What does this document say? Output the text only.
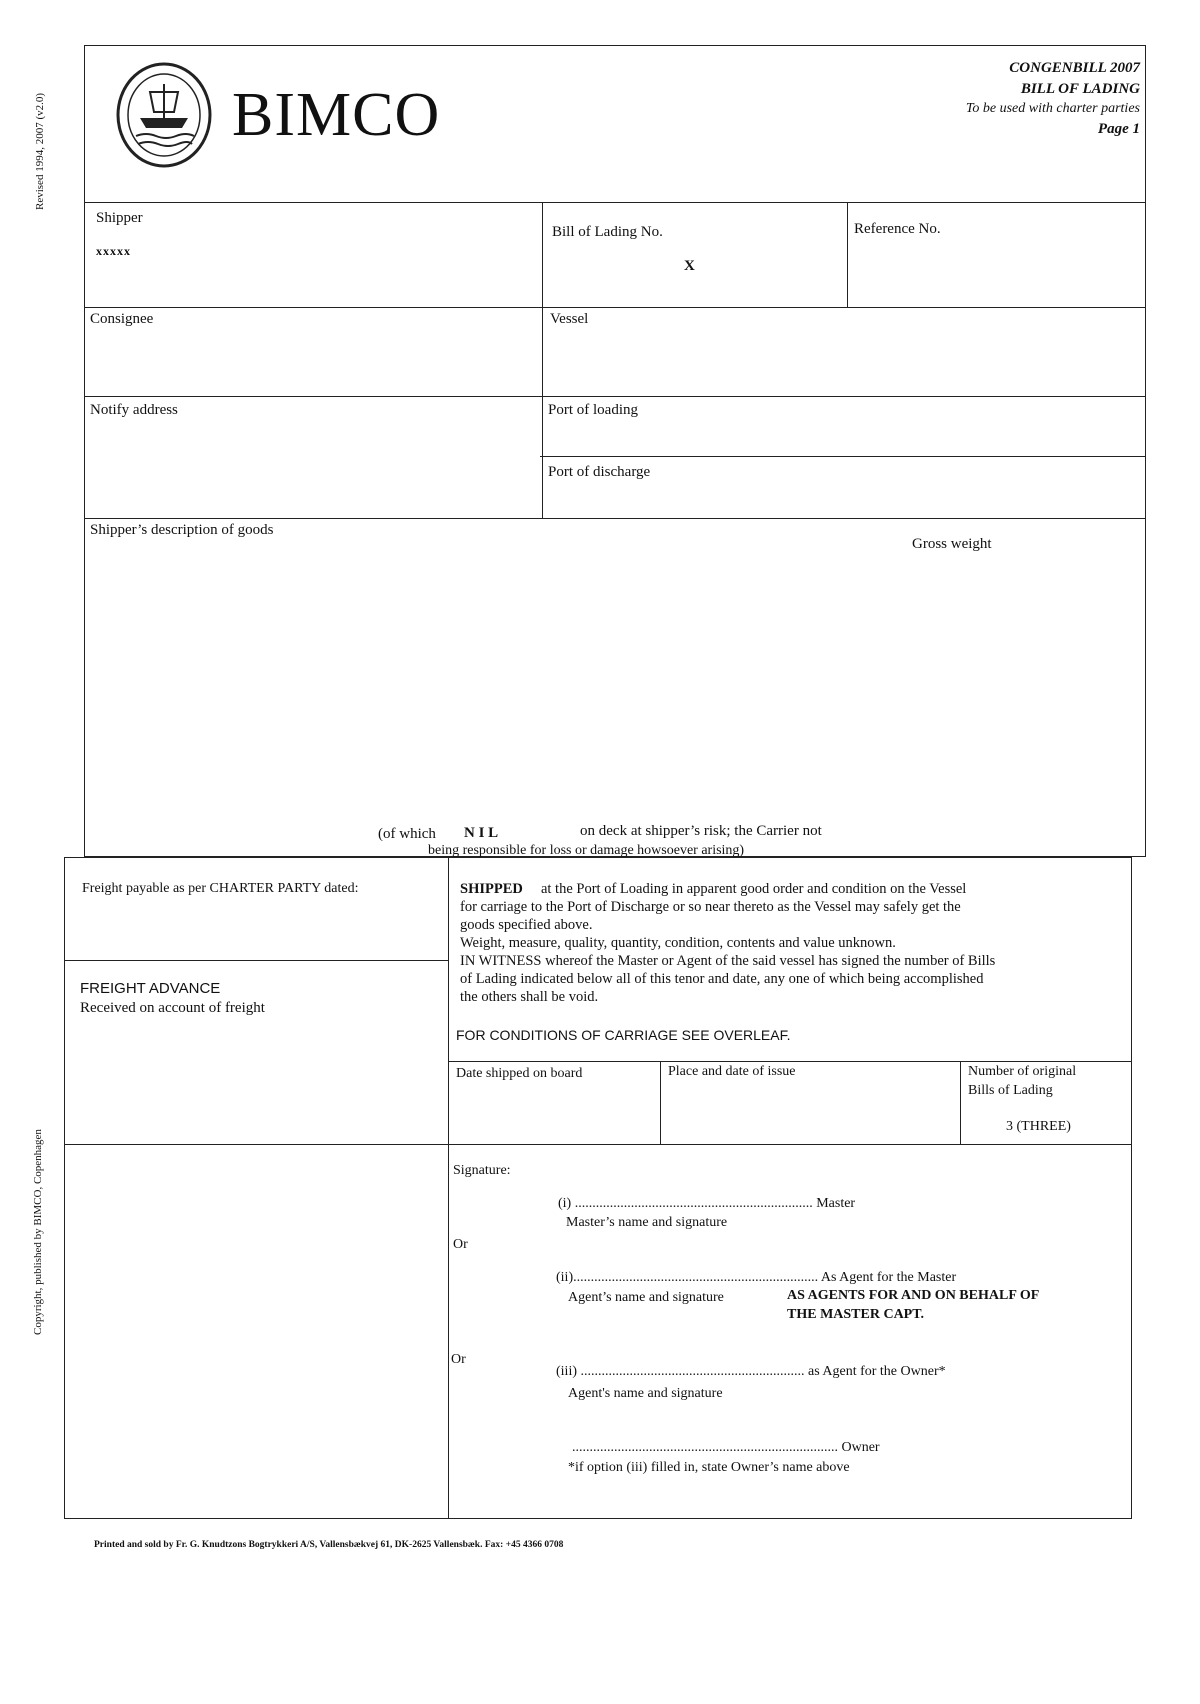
Revised 1994, 2007 (v2.0)
Copyright, published by BIMCO, Copenhagen
BIMCO
CONGENBILL 2007
BILL OF LADING
To be used with charter parties
Page 1
Shipper
xxxxx
Bill of Lading No.
X
Reference No.
Consignee	Vessel
Notify address	Port of loading
Port of discharge
Shipper’s description of goods
Gross weight
(of which N I L	on deck at shipper’s risk; the Carrier not
being responsible for loss or damage howsoever arising)
Freight payable as per CHARTER PARTY dated:
FREIGHT ADVANCE
Received on account of freight
SHIPPED at the Port of Loading in apparent good order and condition on the Vessel
for carriage to the Port of Discharge or so near thereto as the Vessel may safely get the
goods specified above.
Weight, measure, quality, quantity, condition, contents and value unknown.
IN WITNESS whereof the Master or Agent of the said vessel has signed the number of Bills
of Lading indicated below all of this tenor and date, any one of which being accomplished
the others shall be void.
FOR CONDITIONS OF CARRIAGE SEE OVERLEAF.
Date shipped on board	Place and date of issue	Number of original
Bills of Lading
3 (THREE)
Signature:
(i) .................................................................... Master
Master’s name and signature
Or
(ii)...................................................................... As Agent for the Master
Agent’s name and signature	AS AGENTS FOR AND ON BEHALF OF
THE MASTER CAPT.
Or
(iii) ................................................................ as Agent for the Owner*
Agent's name and signature
............................................................................ Owner
*if option (iii) filled in, state Owner’s name above
Printed and sold by Fr. G. Knudtzons Bogtrykkeri A/S, Vallensbækvej 61, DK-2625 Vallensbæk. Fax: +45 4366 0708
